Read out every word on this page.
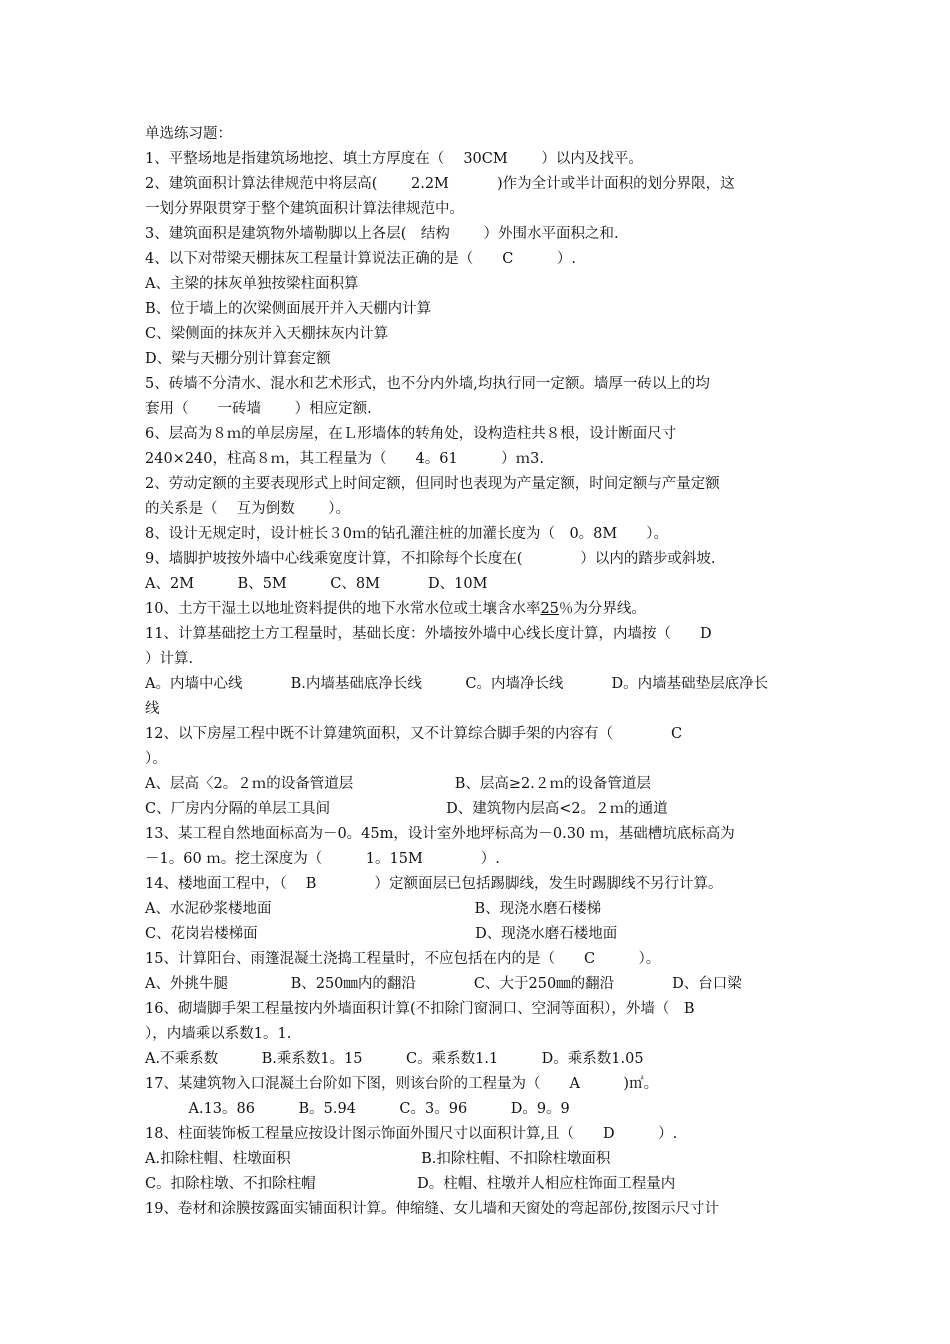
单选练习题：
1、平整场地是指建筑场地挖、填土方厚度在（　 30CM 　　）以内及找平。
2、建筑面积计算法律规范中将层高(　　 2.2M　 　　)作为全计或半计面积的划分界限，这
一划分界限贯穿于整个建筑面积计算法律规范中。
3、建筑面积是建筑物外墙勒脚以上各层(　结构　　 ）外围水平面积之和.
4、以下对带梁天棚抹灰工程量计算说法正确的是（　　C　　　）.
A、主梁的抹灰单独按梁柱面积算
B、位于墙上的次梁侧面展开并入天棚内计算
C、梁侧面的抹灰并入天棚抹灰内计算
D、梁与天棚分别计算套定额
5、砖墙不分清水、混水和艺术形式，也不分内外墙,均执行同一定额。墙厚一砖以上的均
套用（　　一砖墙　　 ）相应定额.
6、层高为８ｍ的单层房屋，在Ｌ形墙体的转角处，设构造柱共８根，设计断面尺寸
240×240，柱高８ｍ，其工程量为（　　4。61　　　）ｍ3.
2、劳动定额的主要表现形式上时间定额，但同时也表现为产量定额，时间定额与产量定额
的关系是（　 互为倒数　　 ）。
8、设计无规定时，设计桩长３0ｍ的钻孔灌注桩的加灌长度为（　0。8M　　）。
9、墙脚护坡按外墙中心线乘宽度计算，不扣除每个长度在(　　　　）以内的踏步或斜坡.
A、2M　　　B、5M　　　C、8M　　　 D、10M
10、土方干湿土以地址资料提供的地下水常水位或土壤含水率25％为分界线。
11、计算基础挖土方工程量时，基础长度：外墙按外墙中心线长度计算，内墙按（　　D
）计算.
A。内墙中心线　　　 B.内墙基础底净长线　　　C。内墙净长线　　　 D。内墙基础垫层底净长
线
12、以下房屋工程中既不计算建筑面积，又不计算综合脚手架的内容有（　　　　C
）。
A、层高〈2。２ｍ的设备管道层　　　　　　　B、层高≥2.２ｍ的设备管道层
C、厂房内分隔的单层工具间　　　　　　　　D、建筑物内层高<2。２ｍ的通道
13、某工程自然地面标高为－0。45m，设计室外地坪标高为－0.30 ｍ，基础槽坑底标高为
－1。60 ｍ。挖土深度为（　　　1。15M　　　　）.
14、楼地面工程中，（　 B　　　　）定额面层已包括踢脚线，发生时踢脚线不另行计算。
A、水泥砂浆楼地面　　　　　　　　　　　　　　B、现浇水磨石楼梯
C、花岗岩楼梯面　　　　　　　　　　　　　　　D、现浇水磨石楼地面
15、计算阳台、雨篷混凝土浇捣工程量时，不应包括在内的是（　　C　　　）。
A、外挑牛腿　　　　 B、250㎜内的翻沿　　　　C、大于250㎜的翻沿　　　　D、台口梁
16、砌墙脚手架工程量按内外墙面积计算(不扣除门窗洞口、空洞等面积），外墙（　B
），内墙乘以系数1。1.
A.不乘系数　　　B.乘系数1。15　　　C。乘系数1.1　　　D。乘系数1.05
17、某建筑物入口混凝土台阶如下图，则该台阶的工程量为（　　A　　　)㎡。
　　　A.13。86　　　B。5.94　　　C。3。96　　　D。9。9
18、柱面装饰板工程量应按设计图示饰面外围尺寸以面积计算,且（　　D　　　）.
A.扣除柱帽、柱墩面积　　　　　　　　　B.扣除柱帽、不扣除柱墩面积
C。扣除柱墩、不扣除柱帽　　　　　　　D。柱帽、柱墩并人相应柱饰面工程量内
19、卷材和涂膜按露面实铺面积计算。伸缩缝、女儿墙和天窗处的弯起部份,按图示尺寸计
